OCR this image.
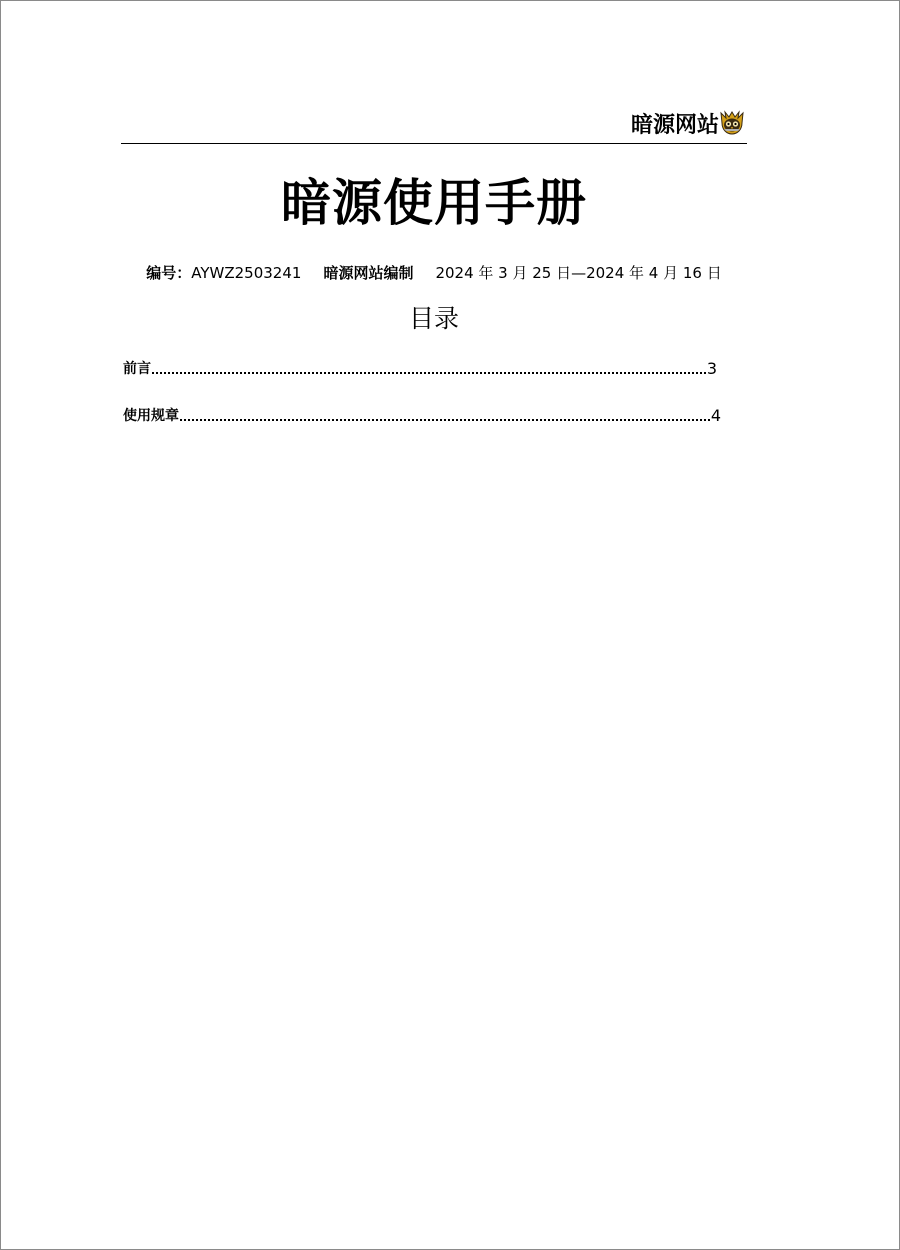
暗源网站
暗源使用手册
编号：AYWZ2503241 暗源网站编制 2024 年 3 月 25 日—2024 年 4 月 16 日
目录
前言	3
使用规章	4
